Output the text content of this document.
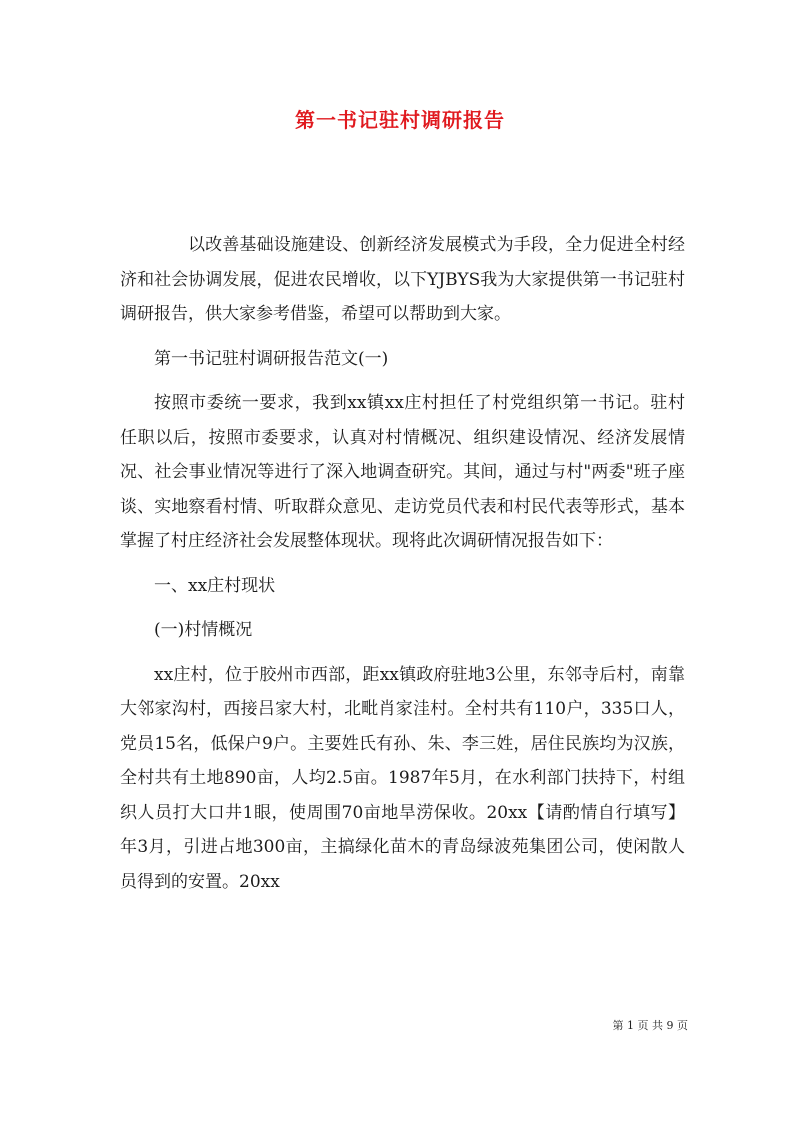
第一书记驻村调研报告

以改善基础设施建设、创新经济发展模式为手段，全力促进全村经济和社会协调发展，促进农民增收，以下YJBYS我为大家提供第一书记驻村调研报告，供大家参考借鉴，希望可以帮助到大家。

第一书记驻村调研报告范文(一)

按照市委统一要求，我到xx镇xx庄村担任了村党组织第一书记。驻村任职以后，按照市委要求，认真对村情概况、组织建设情况、经济发展情况、社会事业情况等进行了深入地调查研究。其间，通过与村"两委"班子座谈、实地察看村情、听取群众意见、走访党员代表和村民代表等形式，基本掌握了村庄经济社会发展整体现状。现将此次调研情况报告如下：

一、xx庄村现状

(一)村情概况

xx庄村，位于胶州市西部，距xx镇政府驻地3公里，东邻寺后村，南靠大邻家沟村，西接吕家大村，北毗肖家洼村。全村共有110户，335口人，党员15名，低保户9户。主要姓氏有孙、朱、李三姓，居住民族均为汉族，全村共有土地890亩，人均2.5亩。1987年5月，在水利部门扶持下，村组织人员打大口井1眼，使周围70亩地旱涝保收。20xx【请酌情自行填写】年3月，引进占地300亩，主搞绿化苗木的青岛绿波苑集团公司，使闲散人员得到的安置。20xx

第 1 页 共 9 页
